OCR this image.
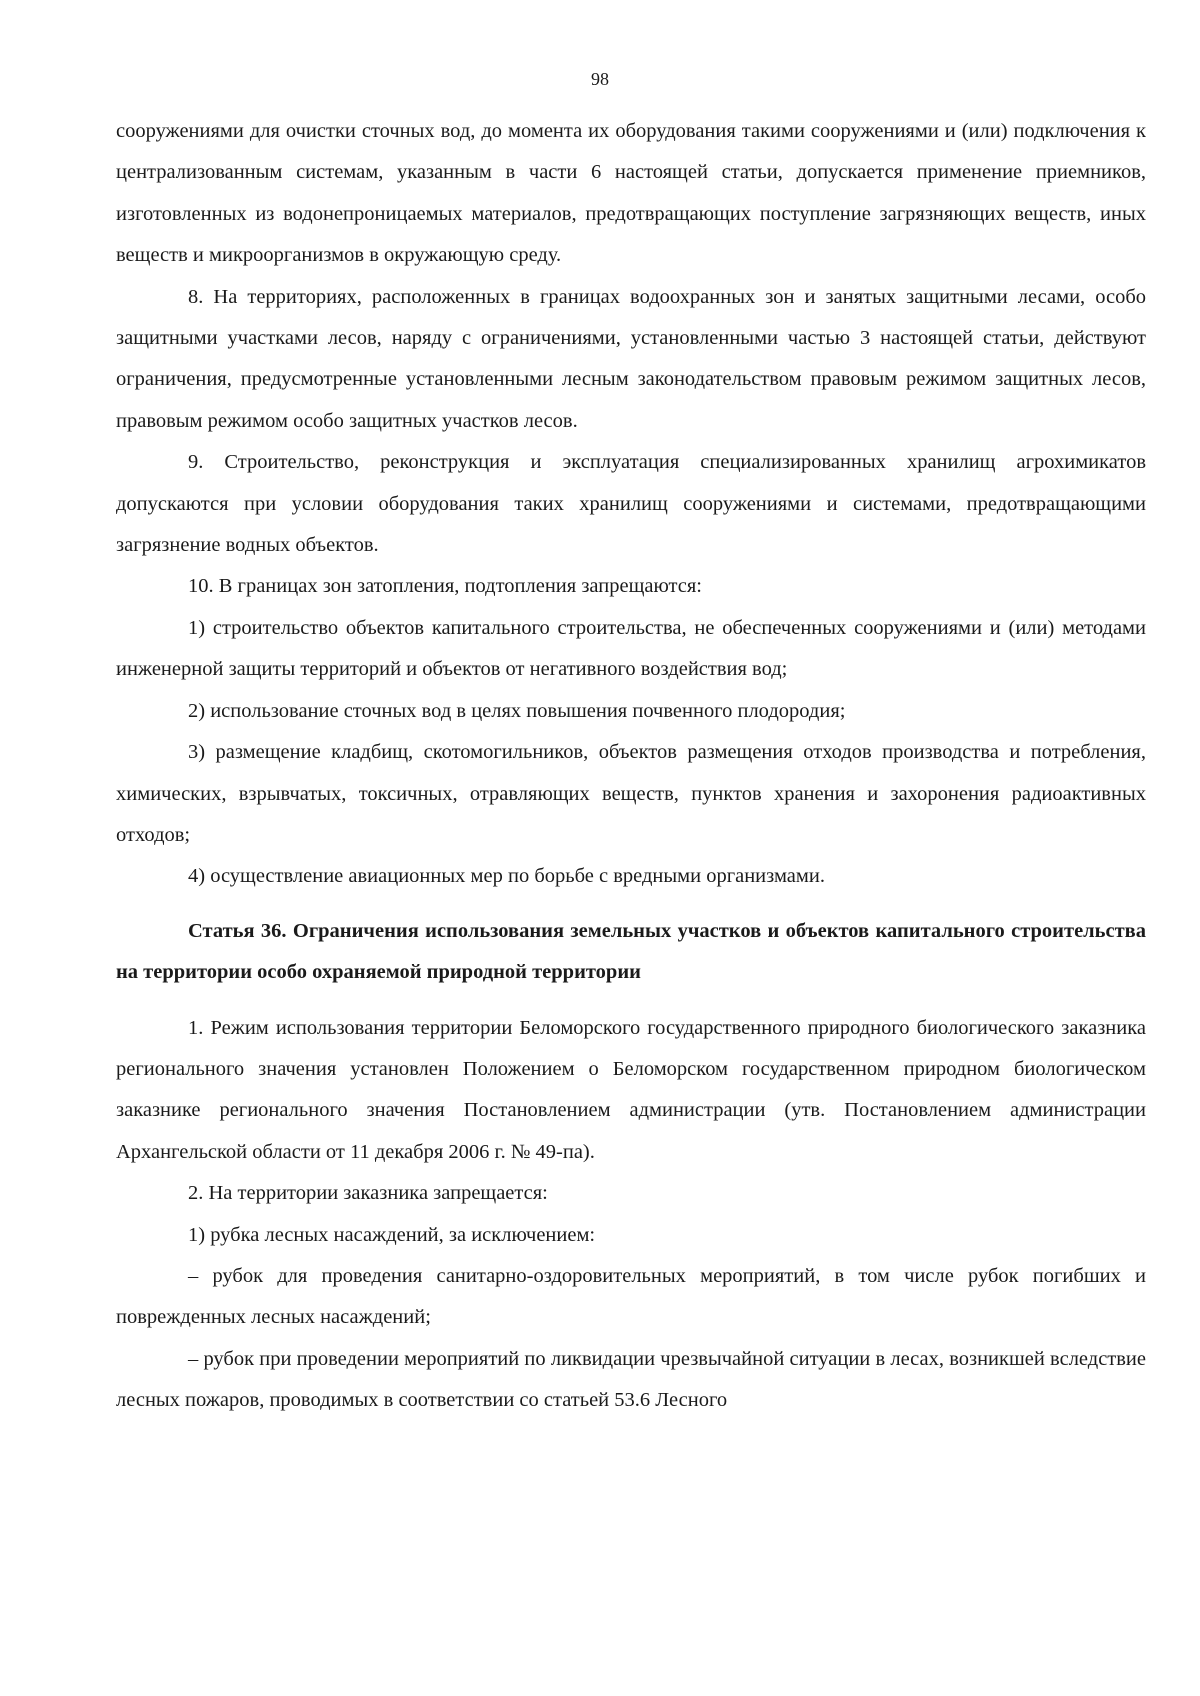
98

сооружениями для очистки сточных вод, до момента их оборудования такими сооружениями и (или) подключения к централизованным системам, указанным в части 6 настоящей статьи, допускается применение приемников, изготовленных из водонепроницаемых материалов, предотвращающих поступление загрязняющих веществ, иных веществ и микроорганизмов в окружающую среду.

8. На территориях, расположенных в границах водоохранных зон и занятых защитными лесами, особо защитными участками лесов, наряду с ограничениями, установленными частью 3 настоящей статьи, действуют ограничения, предусмотренные установленными лесным законодательством правовым режимом защитных лесов, правовым режимом особо защитных участков лесов.

9. Строительство, реконструкция и эксплуатация специализированных хранилищ агрохимикатов допускаются при условии оборудования таких хранилищ сооружениями и системами, предотвращающими загрязнение водных объектов.

10. В границах зон затопления, подтопления запрещаются:

1) строительство объектов капитального строительства, не обеспеченных сооружениями и (или) методами инженерной защиты территорий и объектов от негативного воздействия вод;

2) использование сточных вод в целях повышения почвенного плодородия;

3) размещение кладбищ, скотомогильников, объектов размещения отходов производства и потребления, химических, взрывчатых, токсичных, отравляющих веществ, пунктов хранения и захоронения радиоактивных отходов;

4) осуществление авиационных мер по борьбе с вредными организмами.

Статья 36. Ограничения использования земельных участков и объектов капитального строительства на территории особо охраняемой природной территории

1. Режим использования территории Беломорского государственного природного биологического заказника регионального значения установлен Положением о Беломорском государственном природном биологическом заказнике регионального значения Постановлением администрации (утв. Постановлением администрации Архангельской области от 11 декабря 2006 г. № 49-па).

2. На территории заказника запрещается:

1) рубка лесных насаждений, за исключением:

– рубок для проведения санитарно-оздоровительных мероприятий, в том числе рубок погибших и поврежденных лесных насаждений;

– рубок при проведении мероприятий по ликвидации чрезвычайной ситуации в лесах, возникшей вследствие лесных пожаров, проводимых в соответствии со статьей 53.6 Лесного
